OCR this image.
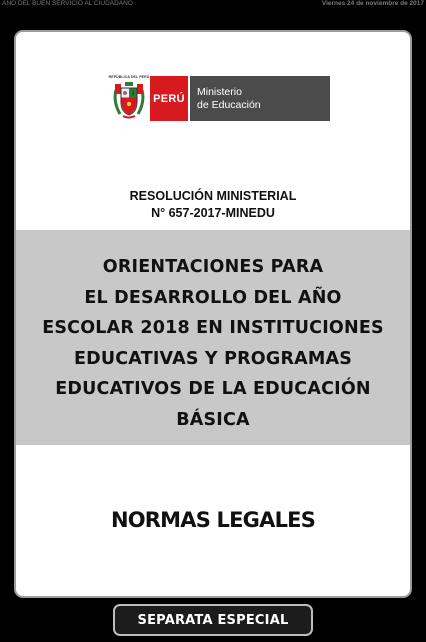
AÑO DEL BUEN SERVICIO AL CIUDADANO	Viernes 24 de noviembre de 2017
REPÚBLICA DEL PERÚ
PERÚ
Ministerio
de Educación
RESOLUCIÓN MINISTERIAL
N° 657-2017-MINEDU
ORIENTACIONES PARA
EL DESARROLLO DEL AÑO
ESCOLAR 2018 EN INSTITUCIONES
EDUCATIVAS Y PROGRAMAS
EDUCATIVOS DE LA EDUCACIÓN
BÁSICA
NORMAS LEGALES
SEPARATA ESPECIAL
